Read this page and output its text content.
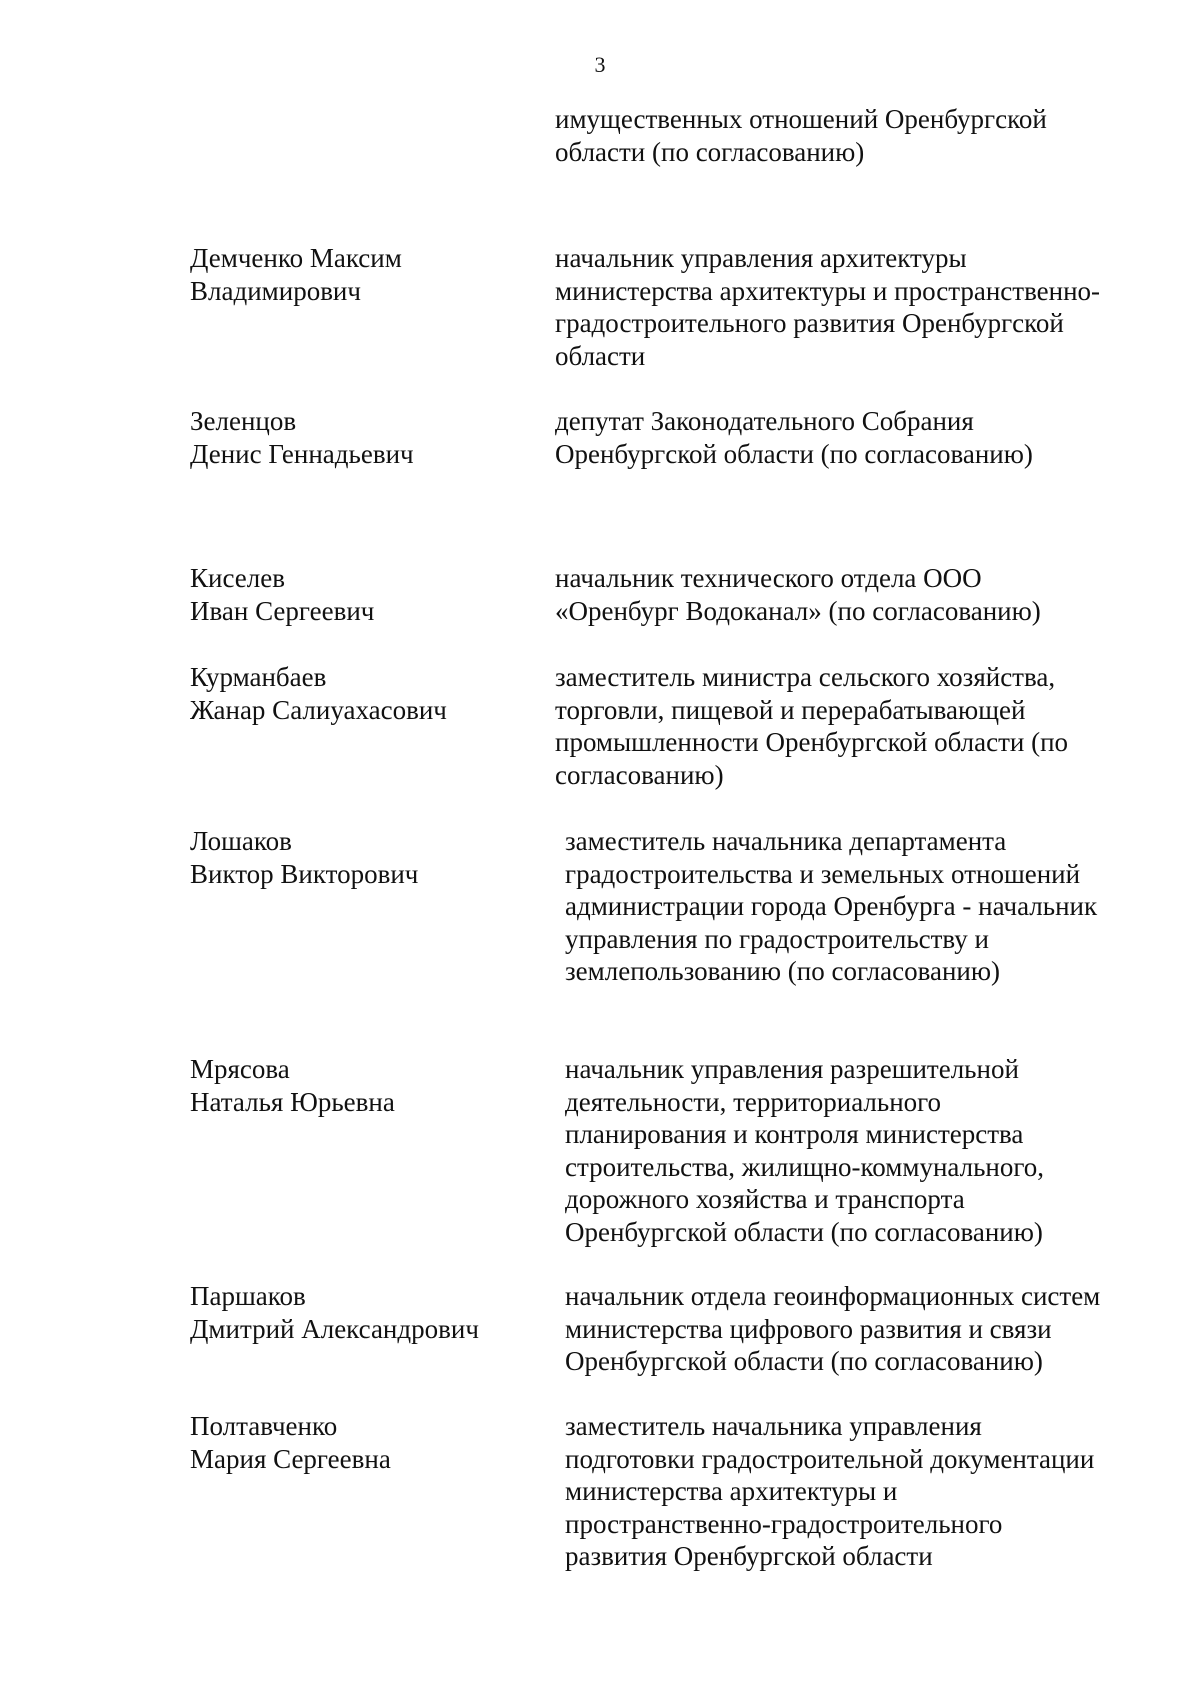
3
имущественных отношений Оренбургской
области (по согласованию)
Демченко Максим
Владимирович
начальник управления архитектуры
министерства архитектуры и пространственно-
градостроительного развития Оренбургской
области
Зеленцов
Денис Геннадьевич
депутат Законодательного Собрания
Оренбургской области (по согласованию)
Киселев
Иван Сергеевич
начальник технического отдела ООО
«Оренбург Водоканал» (по согласованию)
Курманбаев
Жанар Салиуахасович
заместитель министра сельского хозяйства,
торговли, пищевой и перерабатывающей
промышленности Оренбургской области (по
согласованию)
Лошаков
Виктор Викторович
заместитель начальника департамента
градостроительства и земельных отношений
администрации города Оренбурга - начальник
управления по градостроительству и
землепользованию (по согласованию)
Мрясова
Наталья Юрьевна
начальник управления разрешительной
деятельности, территориального
планирования и контроля министерства
строительства, жилищно-коммунального,
дорожного хозяйства и транспорта
Оренбургской области (по согласованию)
Паршаков
Дмитрий Александрович
начальник отдела геоинформационных систем
министерства цифрового развития и связи
Оренбургской области (по согласованию)
Полтавченко
Мария Сергеевна
заместитель начальника управления
подготовки градостроительной документации
министерства архитектуры и
пространственно-градостроительного
развития Оренбургской области
